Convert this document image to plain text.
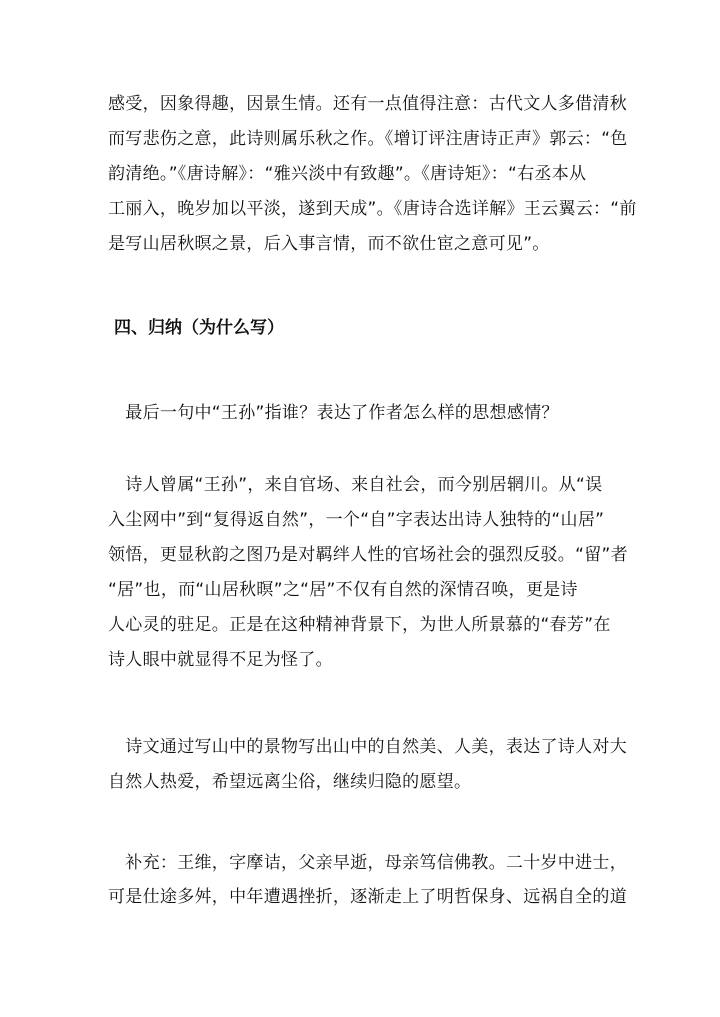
感受，因象得趣，因景生情。还有一点值得注意：古代文人多借清秋
而写悲伤之意，此诗则属乐秋之作。《增订评注唐诗正声》郭云：“色
韵清绝。”《唐诗解》：“雅兴淡中有致趣”。《唐诗矩》：“右丞本从
工丽入，晚岁加以平淡，遂到天成”。《唐诗合选详解》王云翼云：“前
是写山居秋暝之景，后入事言情，而不欲仕宦之意可见”。
四、归纳（为什么写）
　最后一句中“王孙”指谁？表达了作者怎么样的思想感情？
　诗人曾属“王孙”，来自官场、来自社会，而今别居辋川。从“误
入尘网中”到“复得返自然”，一个“自”字表达出诗人独特的“山居”
领悟，更显秋韵之图乃是对羁绊人性的官场社会的强烈反驳。“留”者
“居”也，而“山居秋暝”之“居”不仅有自然的深情召唤，更是诗
人心灵的驻足。正是在这种精神背景下，为世人所景慕的“春芳”在
诗人眼中就显得不足为怪了。
　诗文通过写山中的景物写出山中的自然美、人美，表达了诗人对大
自然人热爱，希望远离尘俗，继续归隐的愿望。
　补充：王维，字摩诘，父亲早逝，母亲笃信佛教。二十岁中进士，
可是仕途多舛，中年遭遇挫折，逐渐走上了明哲保身、远祸自全的道
